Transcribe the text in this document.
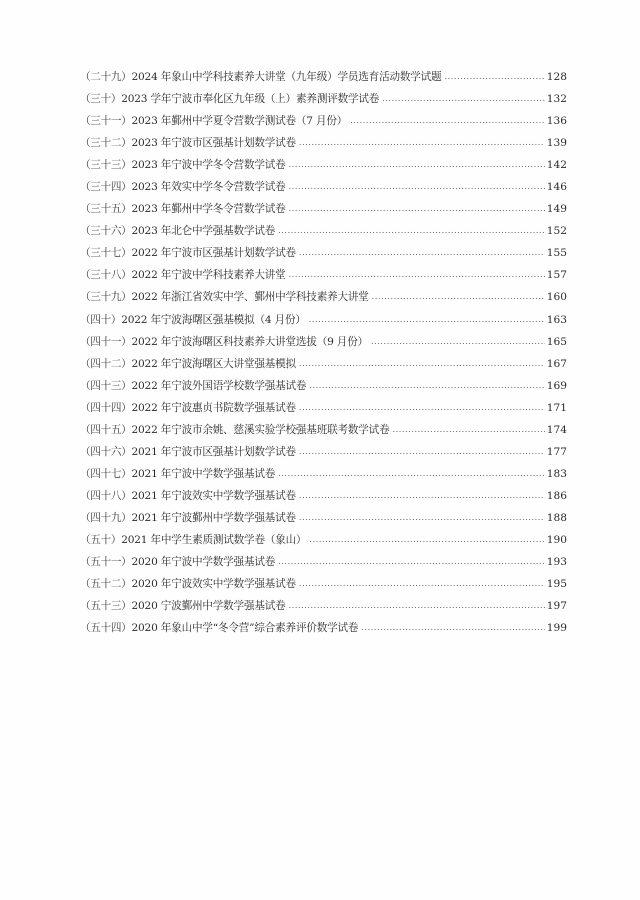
（二十九） 2024 年象山中学科技素养大讲堂（九年级）学员选育活动数学试题 .....	128
（三十） 2023 学年宁波市奉化区九年级（上）素养测评数学试卷 .....	132
（三十一） 2023 年鄞州中学夏令营数学测试卷（7 月份） .....	136
（三十二） 2023 年宁波市区强基计划数学试卷 .....	139
（三十三） 2023 年宁波中学冬令营数学试卷 .....	142
（三十四） 2023 年效实中学冬令营数学试卷 .....	146
（三十五） 2023 年鄞州中学冬令营数学试卷 .....	149
（三十六） 2023 年北仑中学强基数学试卷 .....	152
（三十七） 2022 年宁波市区强基计划数学试卷 .....	155
（三十八） 2022 年宁波中学科技素养大讲堂 .....	157
（三十九） 2022 年浙江省效实中学、鄞州中学科技素养大讲堂 .....	160
（四十） 2022 年宁波海曙区强基模拟（4 月份） .....	163
（四十一） 2022 年宁波海曙区科技素养大讲堂选拔（9 月份） .....	165
（四十二） 2022 年宁波海曙区大讲堂强基模拟 .....	167
（四十三） 2022 年宁波外国语学校数学强基试卷 .....	169
（四十四） 2022 年宁波惠贞书院数学强基试卷 .....	171
（四十五） 2022 年宁波市余姚、慈溪实验学校强基班联考数学试卷 .....	174
（四十六） 2021 年宁波市区强基计划数学试卷 .....	177
（四十七） 2021 年宁波中学数学强基试卷 .....	183
（四十八） 2021 年宁波效实中学数学强基试卷 .....	186
（四十九） 2021 年宁波鄞州中学数学强基试卷 .....	188
（五十） 2021 年中学生素质测试数学卷（象山） .....	190
（五十一） 2020 年宁波中学数学强基试卷 .....	193
（五十二） 2020 年宁波效实中学数学强基试卷 .....	195
（五十三） 2020 宁波鄞州中学数学强基试卷 .....	197
（五十四） 2020 年象山中学“冬令营”综合素养评价数学试卷 .....	199
